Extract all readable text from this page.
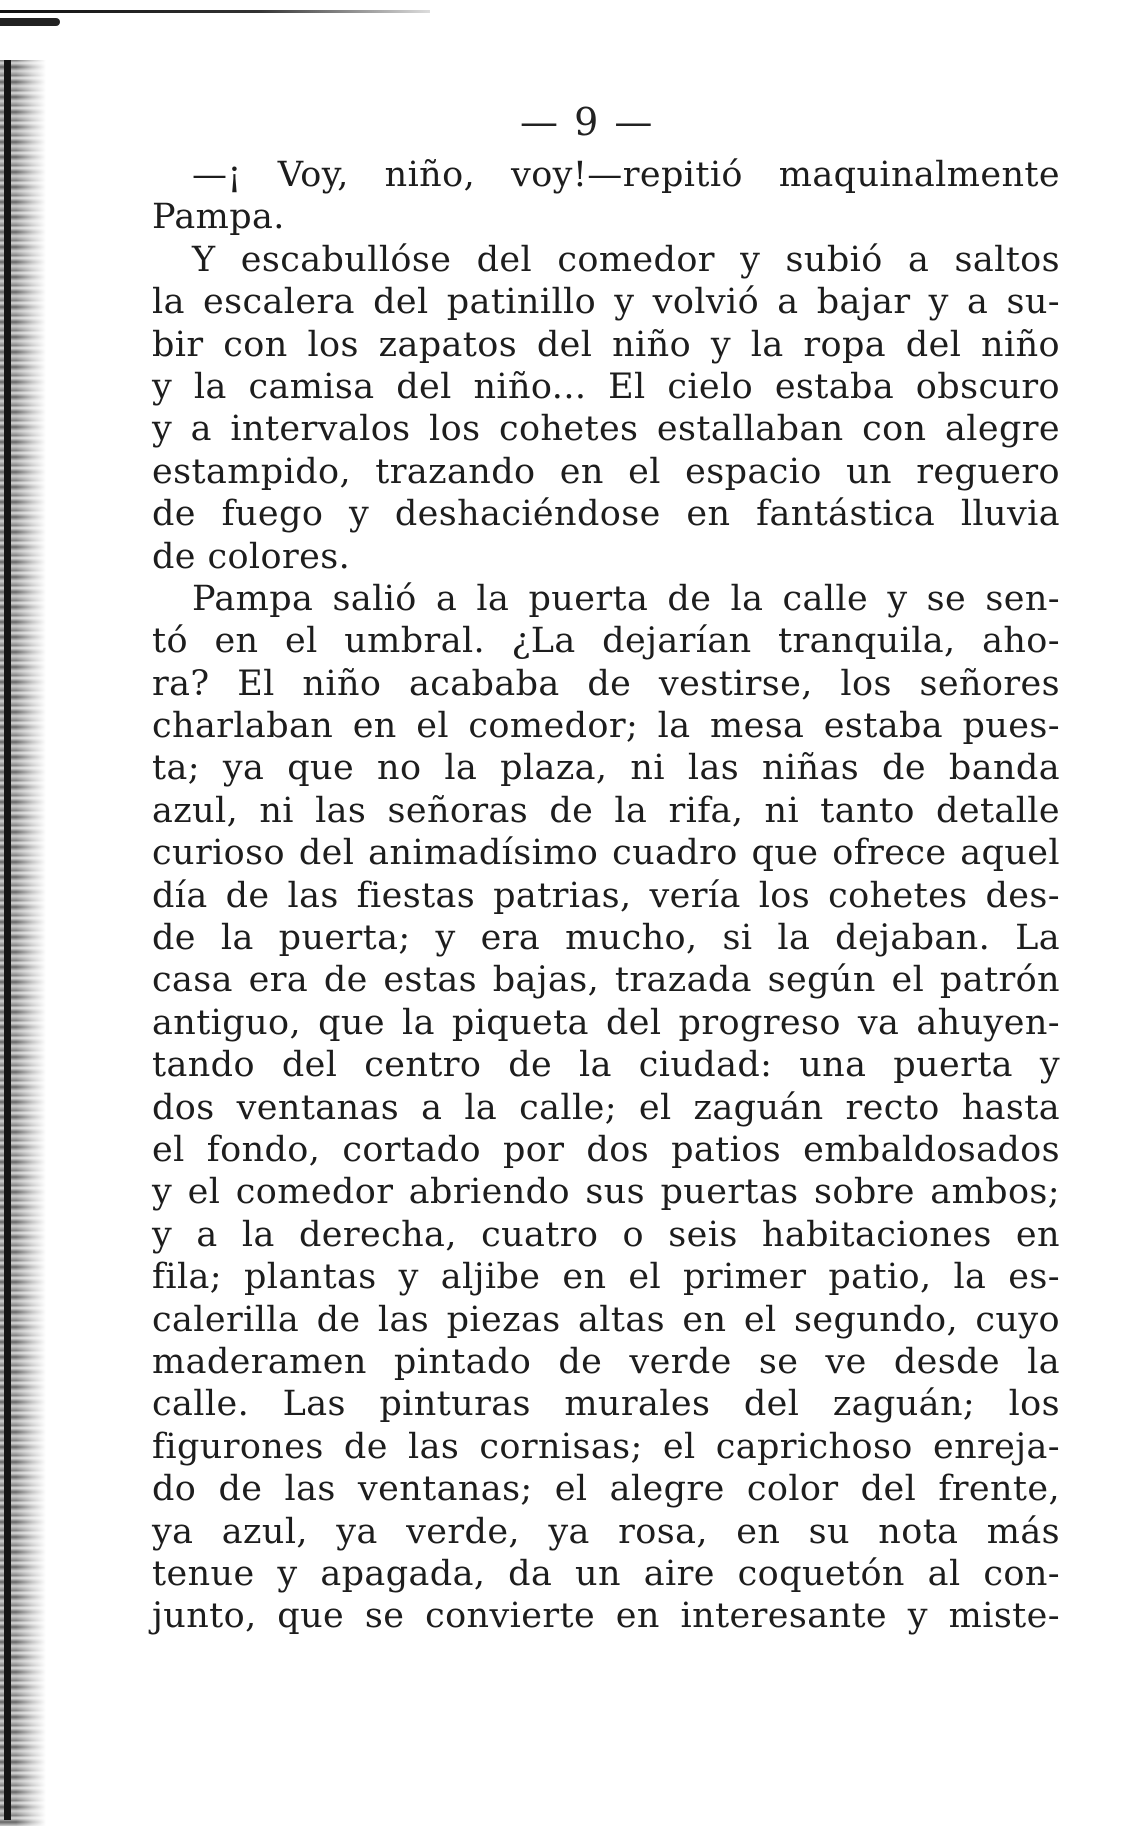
— 9 —
—¡ Voy, niño, voy!—repitió maquinalmente
Pampa.
Y escabullóse del comedor y subió a saltos
la escalera del patinillo y volvió a bajar y a su-
bir con los zapatos del niño y la ropa del niño
y la camisa del niño... El cielo estaba obscuro
y a intervalos los cohetes estallaban con alegre
estampido, trazando en el espacio un reguero
de fuego y deshaciéndose en fantástica lluvia
de colores.
Pampa salió a la puerta de la calle y se sen-
tó en el umbral. ¿La dejarían tranquila, aho-
ra? El niño acababa de vestirse, los señores
charlaban en el comedor; la mesa estaba pues-
ta; ya que no la plaza, ni las niñas de banda
azul, ni las señoras de la rifa, ni tanto detalle
curioso del animadísimo cuadro que ofrece aquel
día de las fiestas patrias, vería los cohetes des-
de la puerta; y era mucho, si la dejaban. La
casa era de estas bajas, trazada según el patrón
antiguo, que la piqueta del progreso va ahuyen-
tando del centro de la ciudad: una puerta y
dos ventanas a la calle; el zaguán recto hasta
el fondo, cortado por dos patios embaldosados
y el comedor abriendo sus puertas sobre ambos;
y a la derecha, cuatro o seis habitaciones en
fila; plantas y aljibe en el primer patio, la es-
calerilla de las piezas altas en el segundo, cuyo
maderamen pintado de verde se ve desde la
calle. Las pinturas murales del zaguán; los
figurones de las cornisas; el caprichoso enreja-
do de las ventanas; el alegre color del frente,
ya azul, ya verde, ya rosa, en su nota más
tenue y apagada, da un aire coquetón al con-
junto, que se convierte en interesante y miste-
